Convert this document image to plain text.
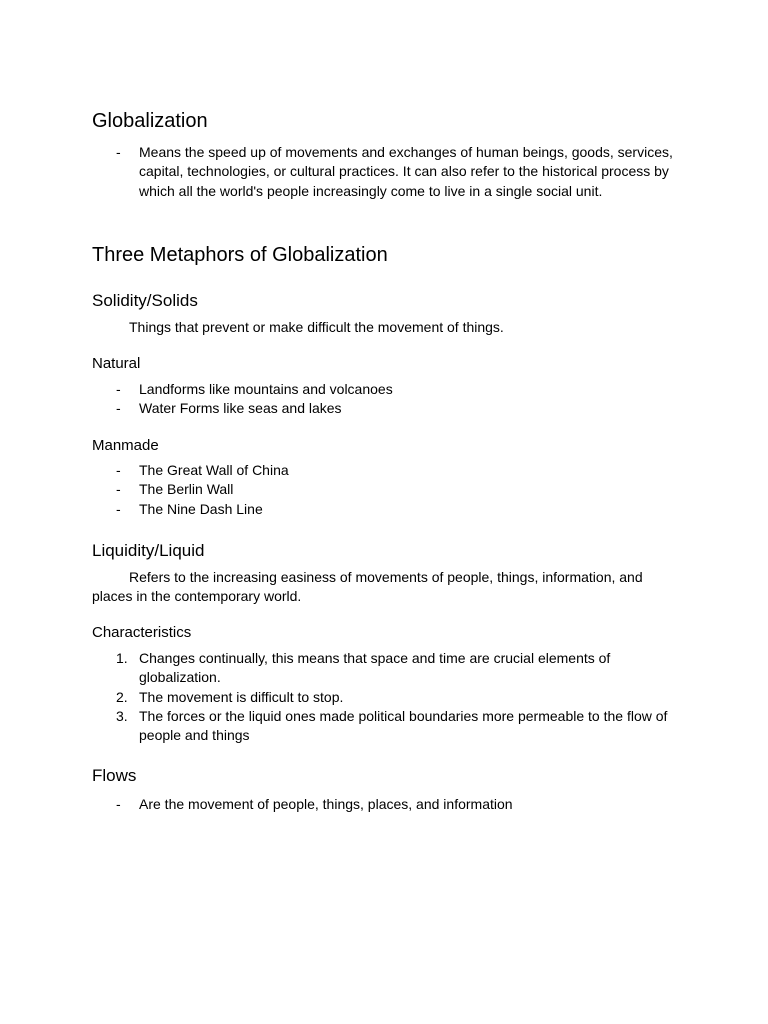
Globalization
- Means the speed up of movements and exchanges of human beings, goods, services, capital, technologies, or cultural practices. It can also refer to the historical process by which all the world's people increasingly come to live in a single social unit.
Three Metaphors of Globalization
Solidity/Solids

Things that prevent or make difficult the movement of things.

Natural
- Landforms like mountains and volcanoes
- Water Forms like seas and lakes
Manmade
- The Great Wall of China
- The Berlin Wall
- The Nine Dash Line
Liquidity/Liquid

Refers to the increasing easiness of movements of people, things, information, and places in the contemporary world.

Characteristics
1. Changes continually, this means that space and time are crucial elements of globalization.
2. The movement is difficult to stop.
3. The forces or the liquid ones made political boundaries more permeable to the flow of people and things
Flows
- Are the movement of people, things, places, and information
